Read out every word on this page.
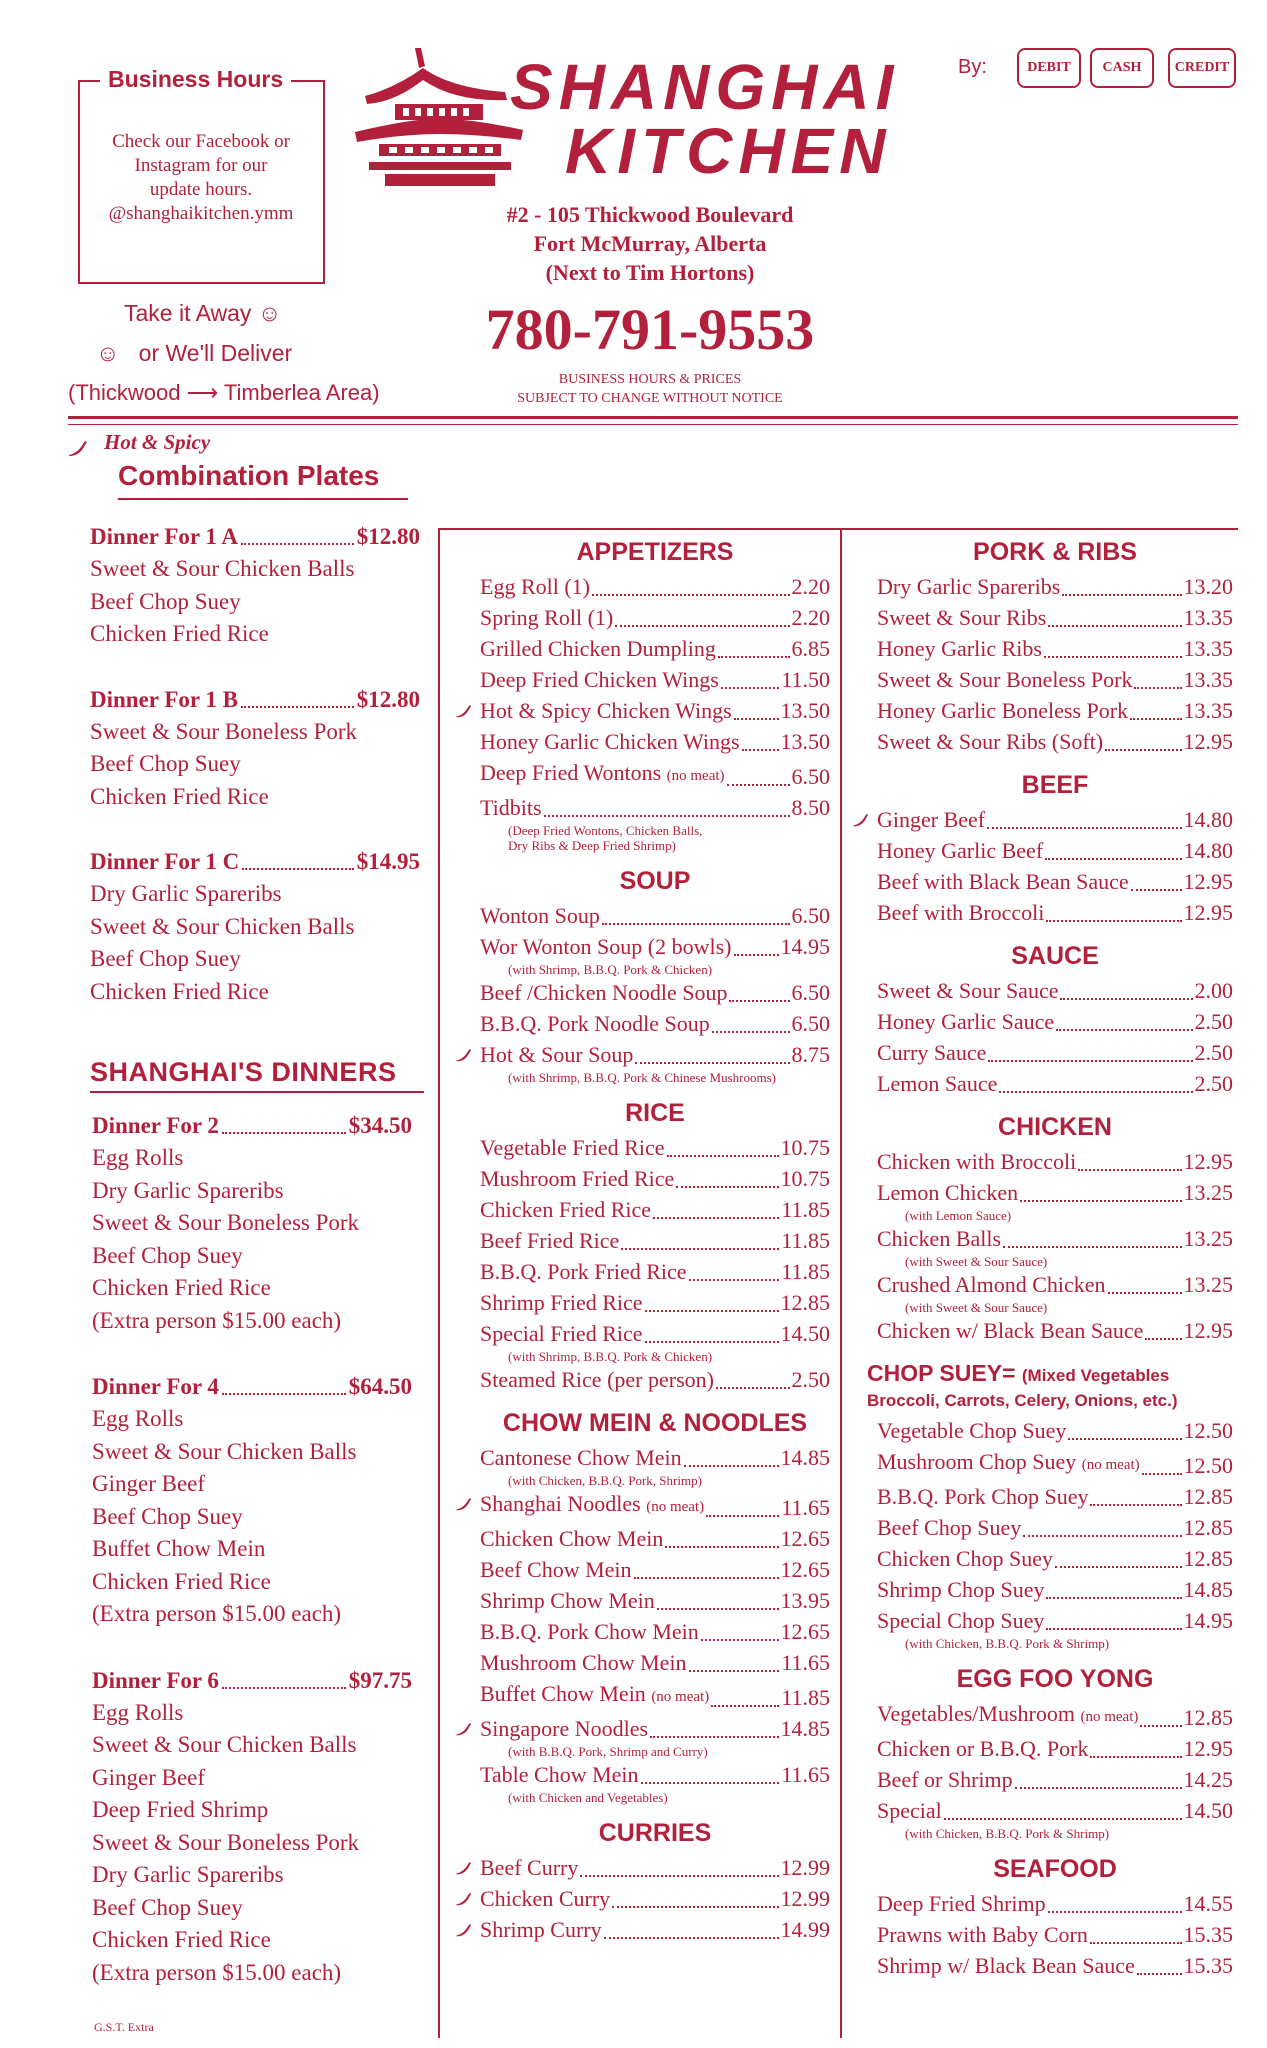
Business Hours
Check our Facebook or
Instagram for our
update hours.
@shanghaikitchen.ymm
Take it Away ☺
☺ or We'll Deliver
(Thickwood ⟶ Timberlea Area)
SHANGHAI
KITCHEN
#2 - 105 Thickwood Boulevard
Fort McMurray, Alberta
(Next to Tim Hortons)
780-791-9553
BUSINESS HOURS & PRICES
SUBJECT TO CHANGE WITHOUT NOTICE
By:	DEBIT	CASH	CREDIT
Hot & Spicy
Combination Plates
Dinner For 1 A	$12.80
Sweet & Sour Chicken Balls
Beef Chop Suey
Chicken Fried Rice
Dinner For 1 B	$12.80
Sweet & Sour Boneless Pork
Beef Chop Suey
Chicken Fried Rice
Dinner For 1 C	$14.95
Dry Garlic Spareribs
Sweet & Sour Chicken Balls
Beef Chop Suey
Chicken Fried Rice
SHANGHAI'S DINNERS
Dinner For 2	$34.50
Egg Rolls
Dry Garlic Spareribs
Sweet & Sour Boneless Pork
Beef Chop Suey
Chicken Fried Rice
(Extra person $15.00 each)
Dinner For 4	$64.50
Egg Rolls
Sweet & Sour Chicken Balls
Ginger Beef
Beef Chop Suey
Buffet Chow Mein
Chicken Fried Rice
(Extra person $15.00 each)
Dinner For 6	$97.75
Egg Rolls
Sweet & Sour Chicken Balls
Ginger Beef
Deep Fried Shrimp
Sweet & Sour Boneless Pork
Dry Garlic Spareribs
Beef Chop Suey
Chicken Fried Rice
(Extra person $15.00 each)
G.S.T. Extra
APPETIZERS
Egg Roll (1)	2.20
Spring Roll (1)	2.20
Grilled Chicken Dumpling	6.85
Deep Fried Chicken Wings	11.50
Hot & Spicy Chicken Wings 13.50
Honey Garlic Chicken Wings 13.50
Deep Fried Wontons (no meat)	6.50
Tidbits	8.50
(Deep Fried Wontons, Chicken Balls,
Dry Ribs & Deep Fried Shrimp)
SOUP
Wonton Soup	6.50
Wor Wonton Soup (2 bowls) 14.95
(with Shrimp, B.B.Q. Pork & Chicken)
Beef /Chicken Noodle Soup	6.50
B.B.Q. Pork Noodle Soup	6.50
Hot & Sour Soup	8.75
(with Shrimp, B.B.Q. Pork & Chinese Mushrooms)
RICE
Vegetable Fried Rice	10.75
Mushroom Fried Rice	10.75
Chicken Fried Rice	11.85
Beef Fried Rice	11.85
B.B.Q. Pork Fried Rice	11.85
Shrimp Fried Rice	12.85
Special Fried Rice	14.50
(with Shrimp, B.B.Q. Pork & Chicken)
Steamed Rice (per person)	2.50
CHOW MEIN & NOODLES
Cantonese Chow Mein	14.85
(with Chicken, B.B.Q. Pork, Shrimp)
Shanghai Noodles (no meat)	11.65
Chicken Chow Mein	12.65
Beef Chow Mein	12.65
Shrimp Chow Mein	13.95
B.B.Q. Pork Chow Mein	12.65
Mushroom Chow Mein	11.65
Buffet Chow Mein (no meat)	11.85
Singapore Noodles	14.85
(with B.B.Q. Pork, Shrimp and Curry)
Table Chow Mein	11.65
(with Chicken and Vegetables)
CURRIES
Beef Curry	12.99
Chicken Curry	12.99
Shrimp Curry	14.99
PORK & RIBS
Dry Garlic Spareribs	13.20
Sweet & Sour Ribs	13.35
Honey Garlic Ribs	13.35
Sweet & Sour Boneless Pork 13.35
Honey Garlic Boneless Pork	13.35
Sweet & Sour Ribs (Soft)	12.95
BEEF
Ginger Beef	14.80
Honey Garlic Beef	14.80
Beef with Black Bean Sauce 12.95
Beef with Broccoli	12.95
SAUCE
Sweet & Sour Sauce	2.00
Honey Garlic Sauce	2.50
Curry Sauce	2.50
Lemon Sauce	2.50
CHICKEN
Chicken with Broccoli	12.95
Lemon Chicken	13.25
(with Lemon Sauce)
Chicken Balls	13.25
(with Sweet & Sour Sauce)
Crushed Almond Chicken	13.25
(with Sweet & Sour Sauce)
Chicken w/ Black Bean Sauce 12.95
CHOP SUEY= (Mixed Vegetables
Broccoli, Carrots, Celery, Onions, etc.)
Vegetable Chop Suey	12.50
Mushroom Chop Suey (no meat) 12.50
B.B.Q. Pork Chop Suey	12.85
Beef Chop Suey	12.85
Chicken Chop Suey	12.85
Shrimp Chop Suey	14.85
Special Chop Suey	14.95
(with Chicken, B.B.Q. Pork & Shrimp)
EGG FOO YONG
Vegetables/Mushroom (no meat) 12.85
Chicken or B.B.Q. Pork	12.95
Beef or Shrimp	14.25
Special	14.50
(with Chicken, B.B.Q. Pork & Shrimp)
SEAFOOD
Deep Fried Shrimp	14.55
Prawns with Baby Corn	15.35
Shrimp w/ Black Bean Sauce 15.35
